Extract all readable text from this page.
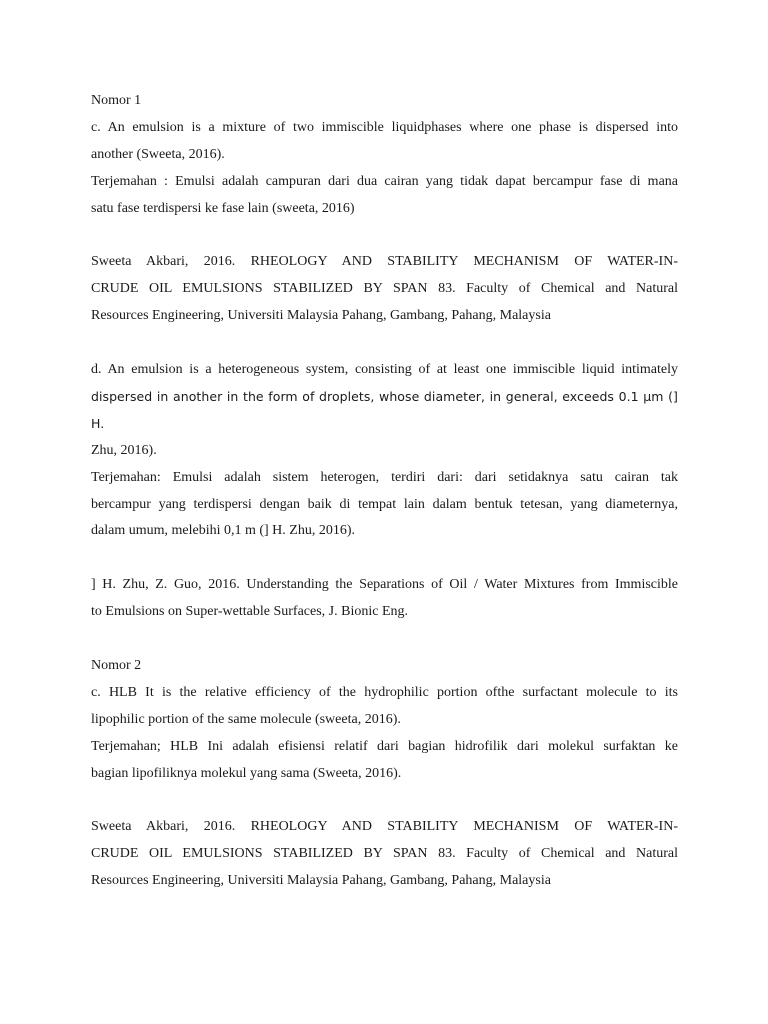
Nomor 1
c. An emulsion is a mixture of two immiscible liquidphases where one phase is dispersed into
another (Sweeta, 2016).
Terjemahan : Emulsi adalah campuran dari dua cairan yang tidak dapat bercampur fase di mana
satu fase terdispersi ke fase lain (sweeta, 2016)
Sweeta Akbari, 2016. RHEOLOGY AND STABILITY MECHANISM OF WATER-IN-
CRUDE OIL EMULSIONS STABILIZED BY SPAN 83. Faculty of Chemical and Natural
Resources Engineering, Universiti Malaysia Pahang, Gambang, Pahang, Malaysia
d. An emulsion is a heterogeneous system, consisting of at least one immiscible liquid intimately
dispersed in another in the form of droplets, whose diameter, in general, exceeds 0.1 µm (] H.
Zhu, 2016).
Terjemahan: Emulsi adalah sistem heterogen, terdiri dari: dari setidaknya satu cairan tak
bercampur yang terdispersi dengan baik di tempat lain dalam bentuk tetesan, yang diameternya,
dalam umum, melebihi 0,1 m (] H. Zhu, 2016).
] H. Zhu, Z. Guo, 2016. Understanding the Separations of Oil / Water Mixtures from Immiscible
to Emulsions on Super-wettable Surfaces, J. Bionic Eng.
Nomor 2
c. HLB It is the relative efficiency of the hydrophilic portion ofthe surfactant molecule to its
lipophilic portion of the same molecule (sweeta, 2016).
Terjemahan; HLB Ini adalah efisiensi relatif dari bagian hidrofilik dari molekul surfaktan ke
bagian lipofiliknya molekul yang sama (Sweeta, 2016).
Sweeta Akbari, 2016. RHEOLOGY AND STABILITY MECHANISM OF WATER-IN-
CRUDE OIL EMULSIONS STABILIZED BY SPAN 83. Faculty of Chemical and Natural
Resources Engineering, Universiti Malaysia Pahang, Gambang, Pahang, Malaysia
